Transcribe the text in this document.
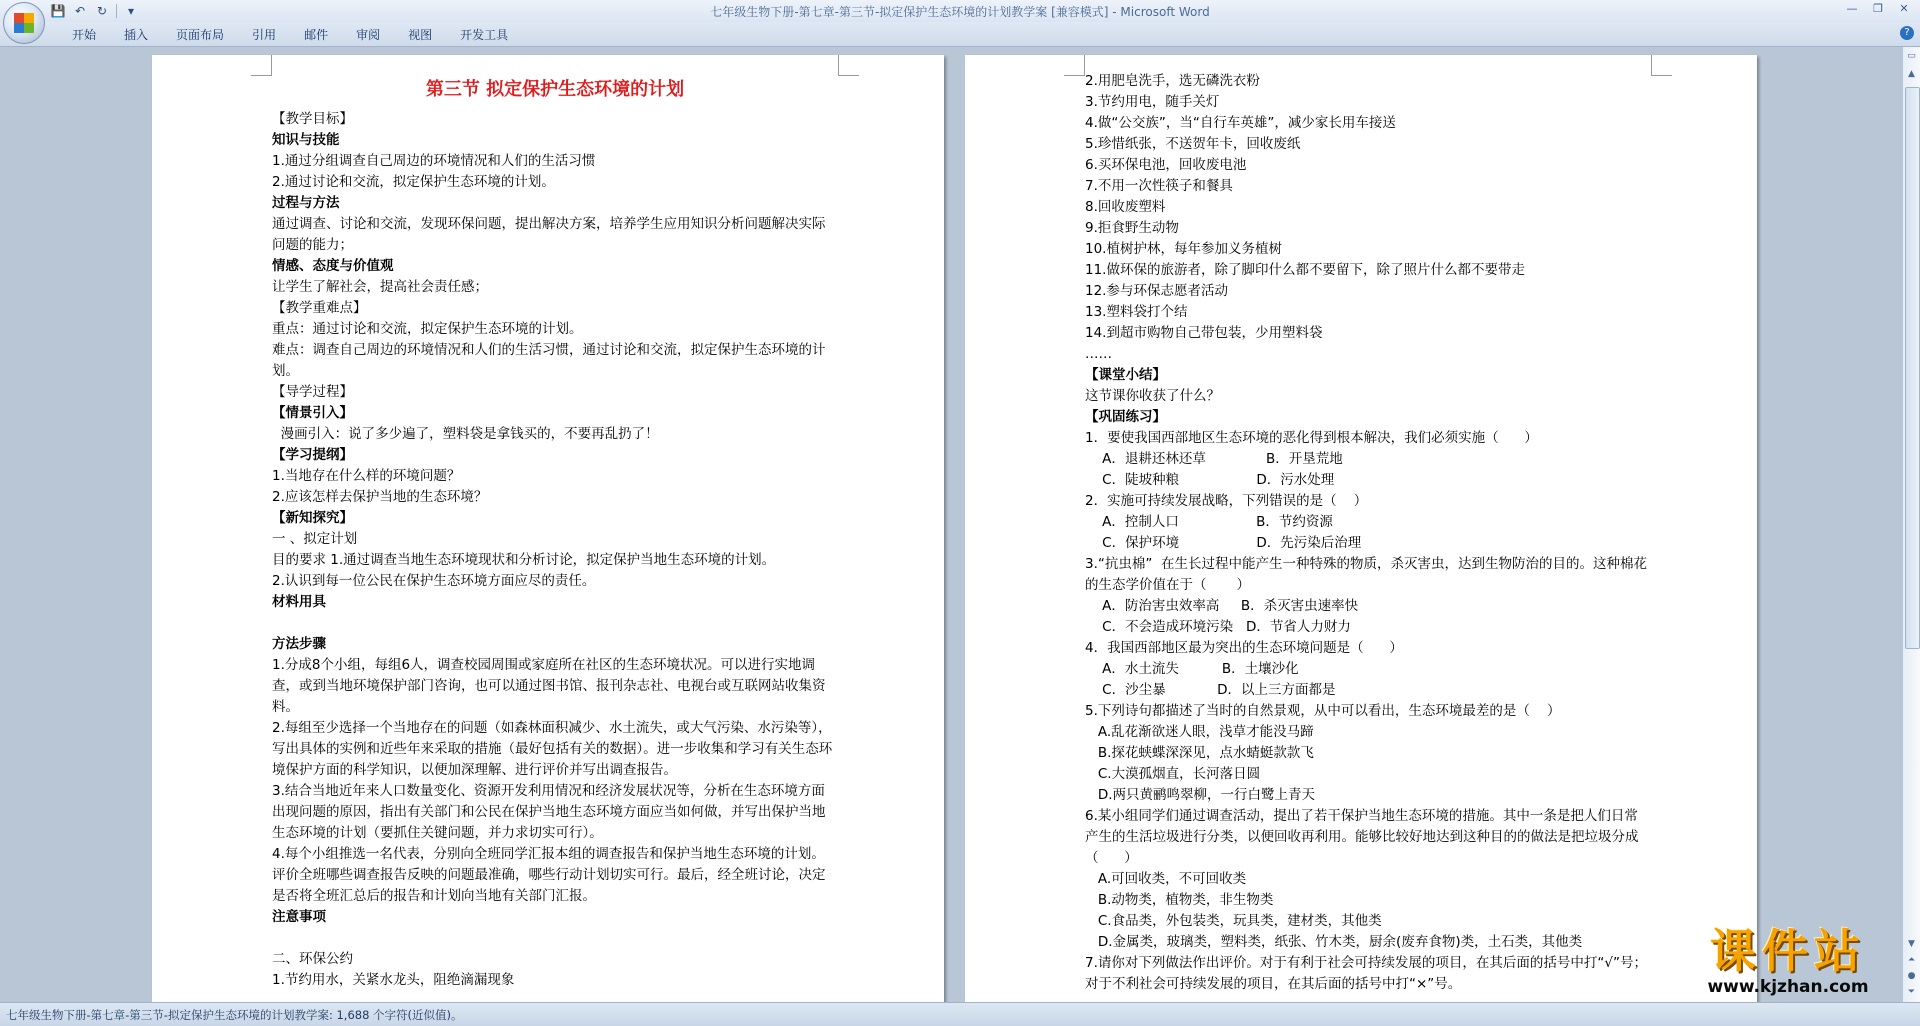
💾 ↶ ↻	▾	七年级生物下册-第七章-第三节-拟定保护生态环境的计划教学案 [兼容模式] - Microsoft Word	—	❐	✕
开始	插入	页面布局	引用	邮件	审阅	视图	开发工具	?
第三节 拟定保护生态环境的计划
【教学目标】
知识与技能
1.通过分组调查自己周边的环境情况和人们的生活习惯
2.通过讨论和交流，拟定保护生态环境的计划。
过程与方法
通过调查、讨论和交流，发现环保问题，提出解决方案，培养学生应用知识分析问题解决实际问题的能力；
情感、态度与价值观
让学生了解社会，提高社会责任感；
【教学重难点】
重点：通过讨论和交流，拟定保护生态环境的计划。
难点：调查自己周边的环境情况和人们的生活习惯，通过讨论和交流，拟定保护生态环境的计划。
【导学过程】
【情景引入】
漫画引入：说了多少遍了，塑料袋是拿钱买的，不要再乱扔了！
【学习提纲】
1.当地存在什么样的环境问题？
2.应该怎样去保护当地的生态环境？
【新知探究】
一 、拟定计划
目的要求 1.通过调查当地生态环境现状和分析讨论，拟定保护当地生态环境的计划。
2.认识到每一位公民在保护生态环境方面应尽的责任。
材料用具

方法步骤
1.分成8个小组，每组6人，调查校园周围或家庭所在社区的生态环境状况。可以进行实地调查，或到当地环境保护部门咨询，也可以通过图书馆、报刊杂志社、电视台或互联网站收集资料。
2.每组至少选择一个当地存在的问题（如森林面积减少、水土流失，或大气污染、水污染等），写出具体的实例和近些年来采取的措施（最好包括有关的数据）。进一步收集和学习有关生态环境保护方面的科学知识，以便加深理解、进行评价并写出调查报告。
3.结合当地近年来人口数量变化、资源开发利用情况和经济发展状况等，分析在生态环境方面出现问题的原因，指出有关部门和公民在保护当地生态环境方面应当如何做，并写出保护当地生态环境的计划（要抓住关键问题，并力求切实可行）。
4.每个小组推选一名代表，分别向全班同学汇报本组的调查报告和保护当地生态环境的计划。评价全班哪些调查报告反映的问题最准确，哪些行动计划切实可行。最后，经全班讨论，决定是否将全班汇总后的报告和计划向当地有关部门汇报。
注意事项

二、环保公约
1.节约用水，关紧水龙头，阻绝滴漏现象
2.用肥皂洗手，选无磷洗衣粉
3.节约用电，随手关灯
4.做“公交族”，当“自行车英雄”，减少家长用车接送
5.珍惜纸张，不送贺年卡，回收废纸
6.买环保电池，回收废电池
7.不用一次性筷子和餐具
8.回收废塑料
9.拒食野生动物
10.植树护林，每年参加义务植树
11.做环保的旅游者，除了脚印什么都不要留下，除了照片什么都不要带走
12.参与环保志愿者活动
13.塑料袋打个结
14.到超市购物自己带包装，少用塑料袋
……
【课堂小结】
这节课你收获了什么？
【巩固练习】
1．要使我国西部地区生态环境的恶化得到根本解决，我们必须实施（      ）
A．退耕还林还草              B．开垦荒地
C．陡坡种粮                  D．污水处理
2．实施可持续发展战略，下列错误的是（    ）
A．控制人口                  B．节约资源
C．保护环境                  D．先污染后治理
3.“抗虫棉”  在生长过程中能产生一种特殊的物质，杀灭害虫，达到生物防治的目的。这种棉花的生态学价值在于（       ）
A．防治害虫效率高     B．杀灭害虫速率快
C．不会造成环境污染   D．节省人力财力
4．我国西部地区最为突出的生态环境问题是（      ）
A．水土流失          B．土壤沙化
C．沙尘暴            D．以上三方面都是
5.下列诗句都描述了当时的自然景观，从中可以看出，生态环境最差的是（    ）
A.乱花渐欲迷人眼，浅草才能没马蹄
B.探花蛱蝶深深见，点水蜻蜓款款飞
C.大漠孤烟直，长河落日圆
D.两只黄鹂鸣翠柳，一行白鹭上青天
6.某小组同学们通过调查活动，提出了若干保护当地生态环境的措施。其中一条是把人们日常产生的生活垃圾进行分类，以便回收再利用。能够比较好地达到这种目的的做法是把垃圾分成（      ）
A.可回收类，不可回收类
B.动物类，植物类，非生物类
C.食品类，外包装类，玩具类，建材类，其他类
D.金属类，玻璃类，塑料类，纸张、竹木类，厨余(废弃食物)类，土石类，其他类
7.请你对下列做法作出评价。对于有利于社会可持续发展的项目，在其后面的括号中打“√”号；对于不利社会可持续发展的项目，在其后面的括号中打“×”号。
▭
▲
▼
⏶
●
⏷
七年级生物下册-第七章-第三节-拟定保护生态环境的计划教学案: 1,688 个字符(近似值)。
课件站
www.kjzhan.com
